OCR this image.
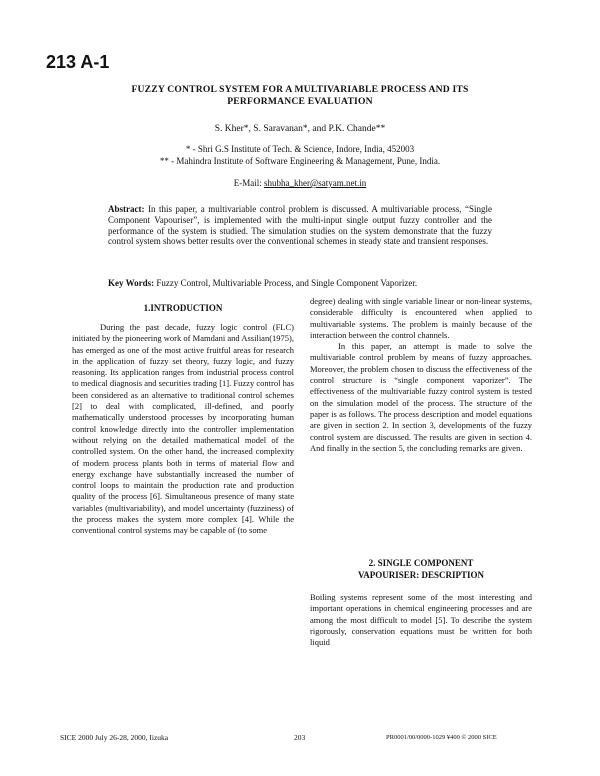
213 A-1
FUZZY CONTROL SYSTEM FOR A MULTIVARIABLE PROCESS AND ITS
PERFORMANCE EVALUATION
S. Kher*, S. Saravanan*, and P.K. Chande**
* - Shri G.S Institute of Tech. & Science, Indore, India, 452003
** - Mahindra Institute of Software Engineering & Management, Pune, India.
E-Mail: shubha_kher@satyam.net.in
Abstract: In this paper, a multivariable control problem is discussed. A multivariable process, “Single Component Vapouriser”, is implemented with the multi-input single output fuzzy controller and the performance of the system is studied. The simulation studies on the system demonstrate that the fuzzy control system shows better results over the conventional schemes in steady state and transient responses.
Key Words: Fuzzy Control, Multivariable Process, and Single Component Vaporizer.
1.INTRODUCTION

During the past decade, fuzzy logic control (FLC) initiated by the pioneering work of Mamdani and Assilian(1975), has emerged as one of the most active fruitful areas for research in the application of fuzzy set theory, fuzzy logic, and fuzzy reasoning. Its application ranges from industrial process control to medical diagnosis and securities trading [1]. Fuzzy control has been considered as an alternative to traditional control schemes [2] to deal with complicated, ill-defined, and poorly mathematically understood processes by incorporating human control knowledge directly into the controller implementation without relying on the detailed mathematical model of the controlled system. On the other hand, the increased complexity of modern process plants both in terms of material flow and energy exchange have substantially increased the number of control loops to maintain the production rate and production quality of the process [6]. Simultaneous presence of many state variables (multivariability), and model uncertainty (fuzziness) of the process makes the system more complex [4]. While the conventional control systems may be capable of (to some

degree) dealing with single variable linear or non-linear systems, considerable difficulty is encountered when applied to multivariable systems. The problem is mainly because of the interaction between the control channels.

In this paper, an attempt is made to solve the multivariable control problem by means of fuzzy approaches. Moreover, the problem chosen to discuss the effectiveness of the control structure is “single component vaporizer”. The effectiveness of the multivariable fuzzy control system is tested on the simulation model of the process. The structure of the paper is as follows. The process description and model equations are given in section 2. In section 3, developments of the fuzzy control system are discussed. The results are given in section 4. And finally in the section 5, the concluding remarks are given.

2. SINGLE COMPONENT
VAPOURISER: DESCRIPTION

Boiling systems represent some of the most interesting and important operations in chemical engineering processes and are among the most difficult to model [5]. To describe the system rigorously, conservation equations must be written for both liquid

SICE 2000 July 26-28, 2000, Iizuka	203	PR0001/00/0000-1029 ¥400 © 2000 SICE
